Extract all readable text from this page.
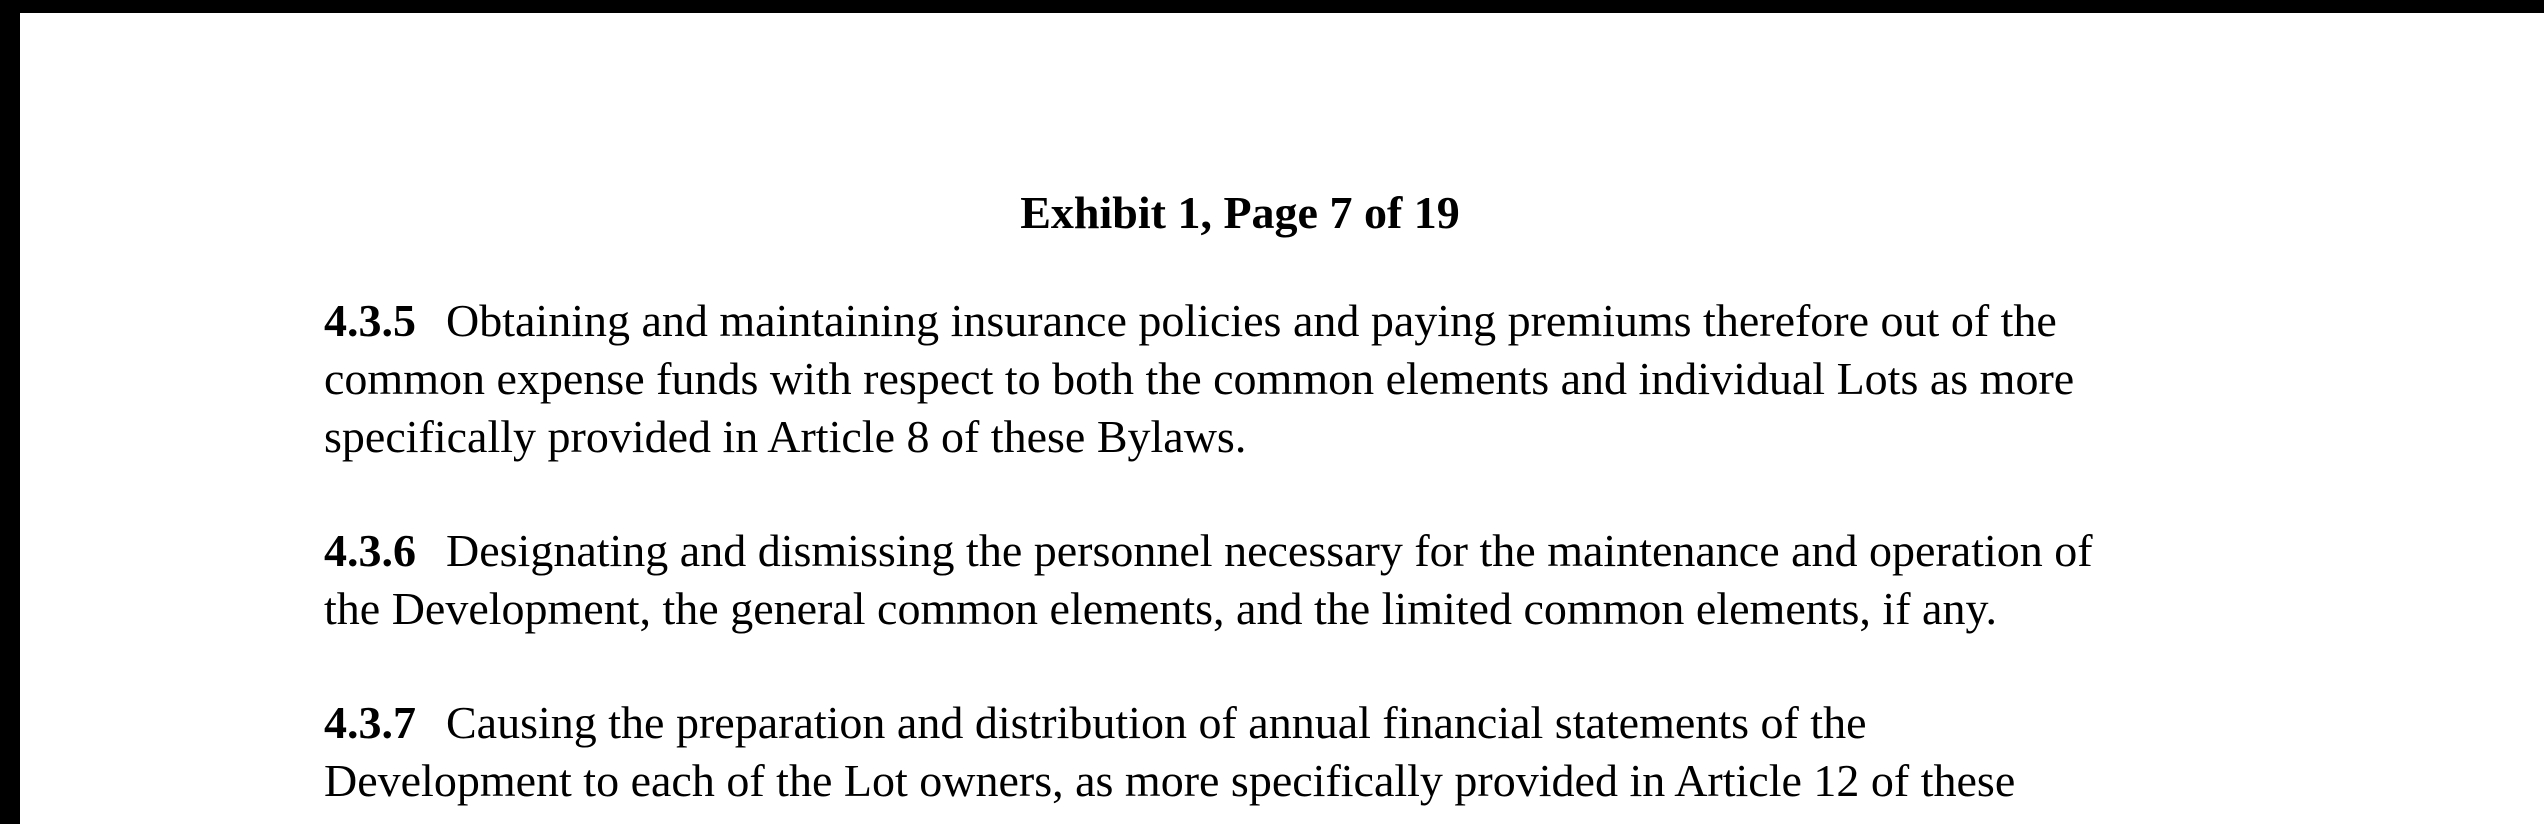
Exhibit 1, Page 7 of 19

4.3.5 Obtaining and maintaining insurance policies and paying premiums therefore out of the
common expense funds with respect to both the common elements and individual Lots as more
specifically provided in Article 8 of these Bylaws.

4.3.6 Designating and dismissing the personnel necessary for the maintenance and operation of
the Development, the general common elements, and the limited common elements, if any.

4.3.7 Causing the preparation and distribution of annual financial statements of the
Development to each of the Lot owners, as more specifically provided in Article 12 of these
